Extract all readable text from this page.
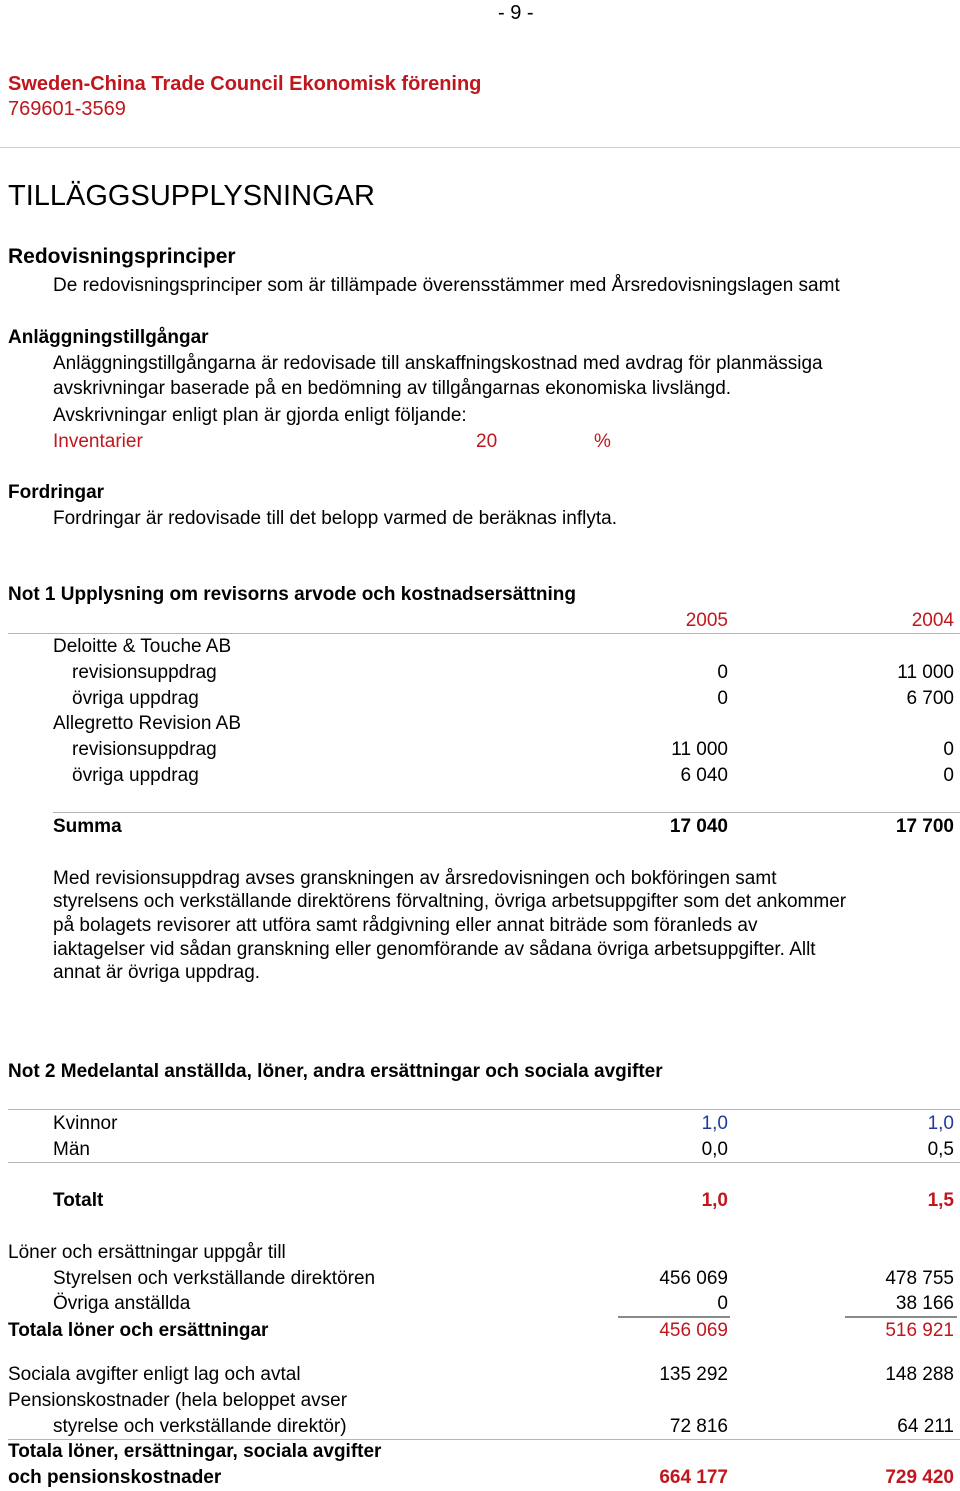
- 9 -
Sweden-China Trade Council Ekonomisk förening
769601-3569
TILLÄGGSUPPLYSNINGAR
Redovisningsprinciper
De redovisningsprinciper som är tillämpade överensstämmer med Årsredovisningslagen samt
Anläggningstillgångar
Anläggningstillgångarna är redovisade till anskaffningskostnad med avdrag för planmässiga
avskrivningar baserade på en bedömning av tillgångarnas ekonomiska livslängd.
Avskrivningar enligt plan är gjorda enligt följande:
Inventarier	20	%
Fordringar
Fordringar är redovisade till det belopp varmed de beräknas inflyta.
Not 1 Upplysning om revisorns arvode och kostnadsersättning
2005	2004
Deloitte & Touche AB
revisionsuppdrag	0	11 000
övriga uppdrag	0	6 700
Allegretto Revision AB
revisionsuppdrag	11 000	0
övriga uppdrag	6 040	0
Summa	17 040	17 700
Med revisionsuppdrag avses granskningen av årsredovisningen och bokföringen samt
styrelsens och verkställande direktörens förvaltning, övriga arbetsuppgifter som det ankommer
på bolagets revisorer att utföra samt rådgivning eller annat biträde som föranleds av
iaktagelser vid sådan granskning eller genomförande av sådana övriga arbetsuppgifter. Allt
annat är övriga uppdrag.
Not 2 Medelantal anställda, löner, andra ersättningar och sociala avgifter
Kvinnor	1,0	1,0
Män	0,0	0,5
Totalt	1,0	1,5
Löner och ersättningar uppgår till
Styrelsen och verkställande direktören	456 069	478 755
Övriga anställda	0	38 166
Totala löner och ersättningar	456 069	516 921
Sociala avgifter enligt lag och avtal	135 292	148 288
Pensionskostnader (hela beloppet avser
styrelse och verkställande direktör)	72 816	64 211
Totala löner, ersättningar, sociala avgifter
och pensionskostnader	664 177	729 420
